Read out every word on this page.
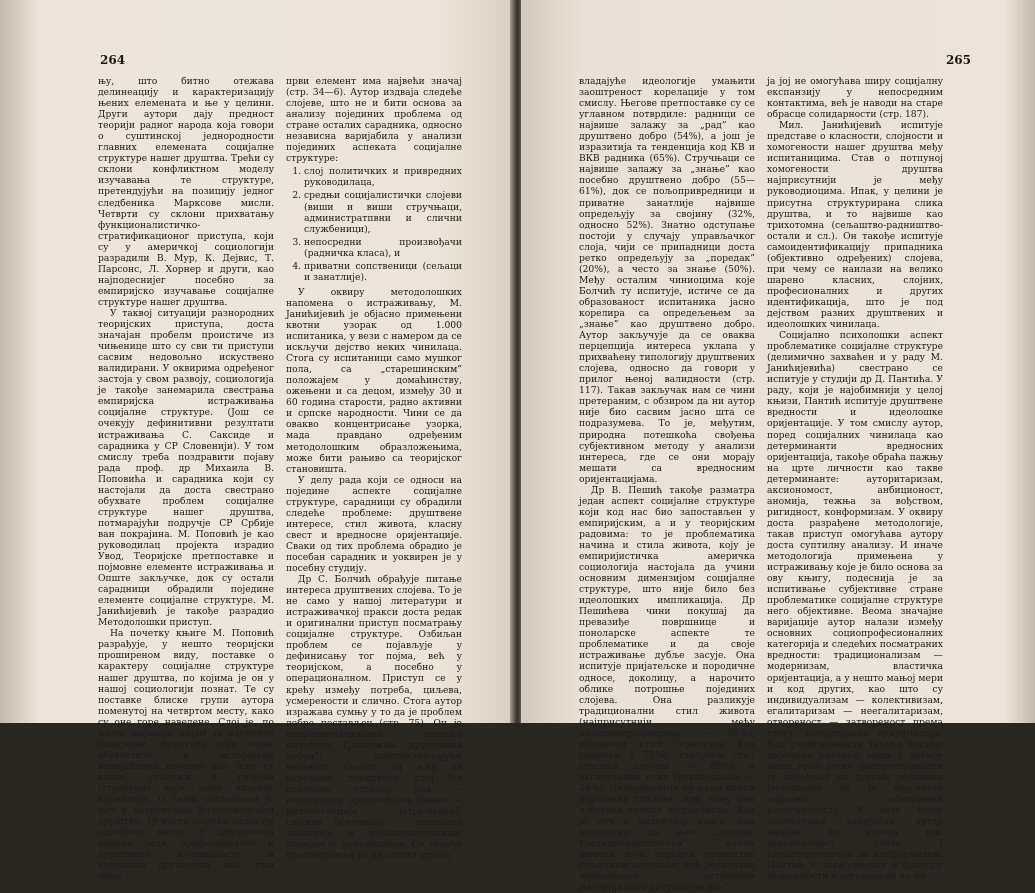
264

њу, што битно отежава делинеацију и карактеризацију њених елемената и ње у целини. Други аутори дају предност теорији радног народа која говори о суштинској једнородности главних елемената социјалне структуре нашег друштва. Трећи су склони конфликтном моделу изучавања те структуре, претендујући на позицију једног следбеника Марксове мисли. Четврти су склони прихватању функционалистичко-стратификационог приступа, који су у америчкој социологији разрадили В. Мур, К. Дејвис, Т. Парсонс, Л. Хорнер и други, као најподеснијег посебно за емпиријско изучавање социјалне структуре нашег друштва.

У таквој ситуацији разнородних теоријских приступа, доста значајан пробелм проистиче из чињенице што су сви ти приступи сасвим недовољно искуствено валидирани. У оквирима одређеног застоја у свом развоју, социологија је такође занемарила свестрања емпиријска истраживања социјалне структуре. (Још се очекују дефинитивни резултати истраживања С. Саксиде и сарадника у СР Словенији). У том смислу треба поздравити појаву рада проф. др Михаила В. Поповића и сарадника који су настојали да доста свестрано обухвате проблем социјалне структуре нашег друштва, потмарајући подручје СР Србије ван покрајина. М. Поповић је као руководилац пројекта израдио Увод, Теоријске претпоставке и појмовне елементе истраживања и Опште закључке, док су остали сарадници обрадили поједине елементе социјалне структуре. М. Јанићијевић је такође разрадио Методолошки приступ.

На почетку књиге М. Поповић разрађује, у нешто теоријски проширеном виду, поставке о карактеру социјалне структуре нашег друштва, по којима је он у нашој социологији познат. Те су поставке блиске групи аутора поменутој на четвртом месту, како су оне горе наведене. Слој је, по њему, најшири појам за елементе социјалне структуре који може обухватити и историјски варијабилне појмове као што су класе, сталежи и слојеви (стратуми) који нису класног карактера. О овим последњим је реч у савременом југословенском друштву. Ту врсту слојева одликује одређено место у друштвеној подели рада, професионалне и друштвене неједнакости и неједнака друштвена моћ, при чему

први елемент има највећи значај (стр. 34—6). Аутор издваја следеће слојеве, што не и бити основа за анализу појединих проблема од стране осталих сарадника, односно независна варијабила у анализи појединих аспеката социјалне структуре:

1. слој политичких и привредних руководилаца,
2. средњи социјалистички слојеви (виши и виши стручњаци, администратпвни и слични службеници),
3. непосредни произвођачи (радничка класа), и
4. приватни сопственици (сељаци и занатлије).

У оквиру методолошких напомена о истраживању, М. Јанићијевић је објасно примењени квотни узорак од 1.000 испитаника, у вези с намером да се искључи дејство неких чинилаца. Стога су испитаници само мушког пола, са „старешинским” положајем у домаћинству, ожењени и са децом, између 30 и 60 година старости, радно активни и српске народности. Чини се да овакво концентрисање узорка, мада правдано одређеним методолошким образложењима, може бити рањиво са теоријског становишта.

У делу рада који се односи на поједине аспекте социјалне структуре, сарадници су обрадили следеће проблеме: друштвене интересе, стил живота, класну свест и вредносне оријентације. Сваки од тих проблема обрадио је посебан сарадник и уоквирен је у посебну студију.

Др С. Болчић обрађује питање интереса друштвених слојева. То је не само у нашој литератури и истраживачкој пракси доста редак и оригинални приступ посматрању социјалне структуре. Озбиљан проблем се појављује у дефинисању тог појма, већ у теоријском, а посебно у операционалном. Приступ се у крећу између потреба, циљева, усмерености и слично. Стога аутор изражава сумњу у то да је проблем добро постављен (стр. 75). Он је операционализовао следеће интересе („понежња друштвена добра”), претпостављајући везаност сваког од њих за одређени друштвени слој (уз одређене отраде): рад — непосредни произвођачи, знање — интелигенција (стручњаци), својина (имовина) — приватне занатлије и пољопривредници, поредак — руководиоци. Он такође претпоставља да не општи утицај

265

владајуће идеологије умањити заоштреност корелације у том смислу. Његове претпоставке су се углавном потврдиле: радници се највише залажу за „рад” као друштвено добро (54%), а још је изразитија та тенденција код КВ и ВКВ радника (65%). Стручњаци се највише залажу за „знање” као посебно друштвено добро (55—61%), док се пољопривредници и приватне занатлије највише опредељују за својину (32%, односно 52%). Знатно одступање постоји у случају управљачког слоја, чији се припадници доста ретко опредељују за „поредак” (20%), а често за знање (50%). Међу осталим чиниоцима које Болчић ту испитује, истиче се да образованост испитаника јасно корелира са опредељењем за „знање” као друштвено добро. Аутор закључује да се оваква перцепција интереса уклапа у прихваћену типологију друштвених слојева, односно да говори у прилог њеној валидности (стр. 117). Такав закључак нам се чини претераним, с обзиром да ни аутор није био сасвим јасно шта се подразумева. То је, међутим, природна потешкоћа свођења субјективном методу у анализи интереса, где се они морају мешати са вредносним оријентацијама.

Др В. Пешић такође разматра један аспект социјалне структуре који код нас био запостављен у емпиријским, а и у теоријским радовима: то је проблематика начина и стила живота, коју је емпиријистичка америчка социологија настојала да учини основним димензијом социјалне структуре, што није било без идеолошких импликација. Др Пешићева чини покушај да превазиђе површнице и поноларске аспекте те проблематике и да своје истраживање дубље засује. Она испитује пријатељске и породичне односе, доколицу, а нарочито облике потрошње појединих слојева. Она разликује традиционални стил живота (најприсутнији међу пољопривредницима — 65%), раднички стил (присутан код радника у 75%), статусни стил (средњи слојеви — 65%) и ексклузивни стил (руководиоци — 24%). Интересантни су њени описи појединих стилова, при чему она избегава плитки журналисам. Кад је реч о радничкој класи, она констатује да њен „псеудо-традиционалистички” начин живота није одређен превентно сељачким пореклом, већ релативно неповољним актуелном материјалном ситуацијом ко-

ја јој не омогућава ширу социјалну експанзију у непосредним контактима, већ је наводи на старе обрасце солидарности (стр. 187).

Мил. Јанићијевић испитује представе о класности, слојности и хомогености нашег друштва међу испитаницима. Став о потпуној хомогености друштва најприсутнији је међу руководиоцима. Ипак, у целини је присутна структурирана слика друштва, и то највише као трихотомна (сељаштво-радништво-остали и сл.). Он такође испитује самоидентификацију припадника (објективно одређених) слојева, при чему се наилази на велико шарено класних, слојних, професионалних и других идентификација, што је под дејством разних друштвених и идеолошких чинилаца.

Социјално психолошки аспект проблематике социјалне структуре (делимично захваћен и у раду М. Јанићијевића) свестрано се испитује у студији др Д. Пантића. У раду, који је најобимнији у целој књизи, Пантић испитује друштвене вредности и идеолошке оријентације. У том смислу аутор, поред социјалних чинилаца као детерминанти вредносних оријентација, такође обраћа пажњу на црте личности као такве детерминанте: ауторитаризам, аксиономост, анбиционост, аномија, тежња за вођством, ригидност, конформизам. У оквиру доста разрађене методологије, такав приступ омогућава аутору доста суптилну анализу. И иначе методологија примењена у истраживању које је било основа за ову књигу, подеснија је за испитивање субјективне стране проблематике социјалне структуре него објективне. Веома значајне варијације аутор налази између основних социопрофесионалних категорија и следећих посматраних вредности: традиционализам — модернизам, властичка оријентација, а у нешто мањој мери и код других, као што су индивидуализам — колективизам, егалитаризам — неегалитаризам, отвореност — затвореност према свету, самоуправна оријентација. Код религиозности такође постоје одређене разлике, мада у оквиру њене врло ретке распространости (у поређењу са другим деловима Југославије то је вероватно најнижа забележена религиозност). У вези борју посматрање варијабли аутор налази до израза тзв. закривљеност слова Ј карактеристична за конформизам. Пантић је тога свестан и фактору пожељности у одговарању на пи-
